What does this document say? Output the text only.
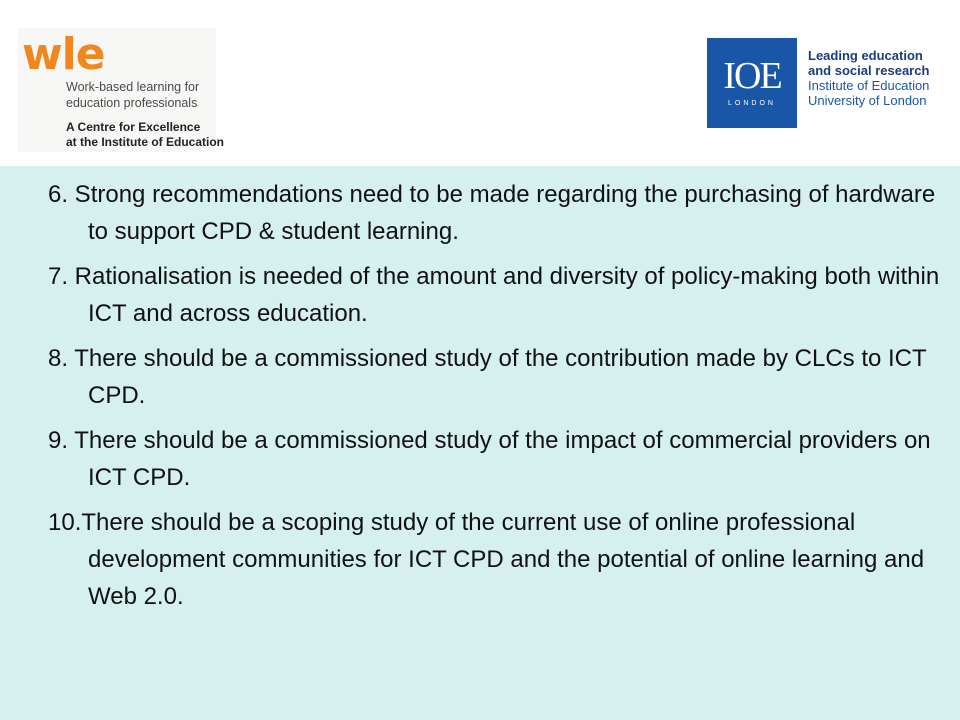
wle
Work-based learning for
education professionals
A Centre for Excellence
at the Institute of Education
IOE
LONDON
Leading education
and social research
Institute of Education
University of London
6. Strong recommendations need to be made regarding the purchasing of hardware to support CPD & student learning.
7. Rationalisation is needed of the amount and diversity of policy-making both within ICT and across education.
8. There should be a commissioned study of the contribution made by CLCs to ICT CPD.
9. There should be a commissioned study of the impact of commercial providers on ICT CPD.
10.There should be a scoping study of the current use of online professional development communities for ICT CPD and the potential of online learning and Web 2.0.
